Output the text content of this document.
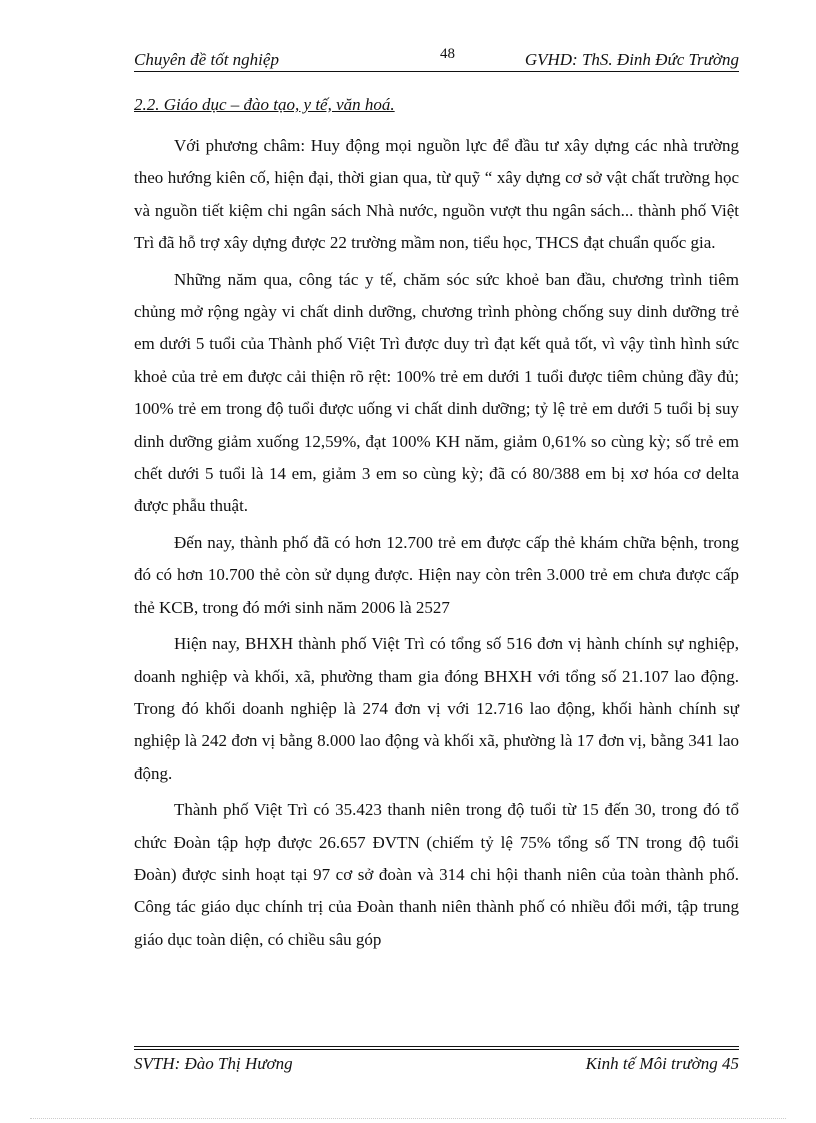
Chuyên đề tốt nghiệp	48	GVHD: ThS. Đinh Đức Trường
2.2. Giáo dục – đào tạo, y tế, văn hoá.

Với phương châm: Huy động mọi nguồn lực để đầu tư xây dựng các nhà trường theo hướng kiên cố, hiện đại, thời gian qua, từ quỹ “ xây dựng cơ sở vật chất trường học và nguồn tiết kiệm chi ngân sách Nhà nước, nguồn vượt thu ngân sách... thành phố Việt Trì đã hỗ trợ xây dựng được 22 trường mầm non, tiểu học, THCS đạt chuẩn quốc gia.

Những năm qua, công tác y tế, chăm sóc sức khoẻ ban đầu, chương trình tiêm chủng mở rộng ngày vi chất dinh dưỡng, chương trình phòng chống suy dinh dưỡng trẻ em dưới 5 tuổi của Thành phố Việt Trì được duy trì đạt kết quả tốt, vì vậy tình hình sức khoẻ của trẻ em được cải thiện rõ rệt: 100% trẻ em dưới 1 tuổi được tiêm chủng đầy đủ; 100% trẻ em trong độ tuổi được uống vi chất dinh dưỡng; tỷ lệ trẻ em dưới 5 tuổi bị suy dinh dưỡng giảm xuống 12,59%, đạt 100% KH năm, giảm 0,61% so cùng kỳ; số trẻ em chết dưới 5 tuổi là 14 em, giảm 3 em so cùng kỳ; đã có 80/388 em bị xơ hóa cơ delta được phẫu thuật.

Đến nay, thành phố đã có hơn 12.700 trẻ em được cấp thẻ khám chữa bệnh, trong đó có hơn 10.700 thẻ còn sử dụng được. Hiện nay còn trên 3.000 trẻ em chưa được cấp thẻ KCB, trong đó mới sinh năm 2006 là 2527

Hiện nay, BHXH thành phố Việt Trì có tổng số 516 đơn vị hành chính sự nghiệp, doanh nghiệp và khối, xã, phường tham gia đóng BHXH với tổng số 21.107 lao động. Trong đó khối doanh nghiệp là 274 đơn vị với 12.716 lao động, khối hành chính sự nghiệp là 242 đơn vị bằng 8.000 lao động và khối xã, phường là 17 đơn vị, bằng 341 lao động.

Thành phố Việt Trì có 35.423 thanh niên trong độ tuổi từ 15 đến 30, trong đó tổ chức Đoàn tập hợp được 26.657 ĐVTN (chiếm tỷ lệ 75% tổng số TN trong độ tuổi Đoàn) được sinh hoạt tại 97 cơ sở đoàn và 314 chi hội thanh niên của toàn thành phố. Công tác giáo dục chính trị của Đoàn thanh niên thành phố có nhiều đổi mới, tập trung giáo dục toàn diện, có chiều sâu góp

SVTH: Đào Thị Hương	Kinh tế Môi trường 45
